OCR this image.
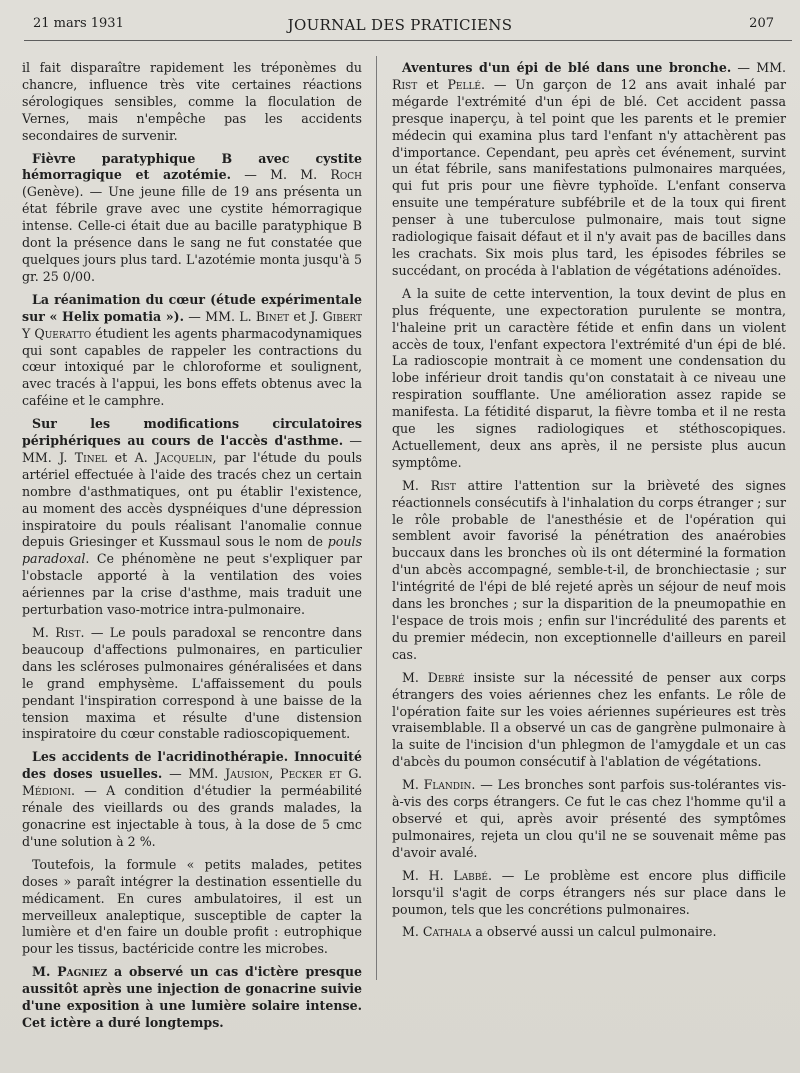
21 mars 1931	JOURNAL DES PRATICIENS	207

il fait disparaître rapidement les tréponèmes du chancre, influence très vite certaines réactions sérologiques sensibles, comme la floculation de Vernes, mais n'empêche pas les accidents secondaires de survenir.

Fièvre paratyphique B avec cystite hémorragique et azotémie. — M. M. Roch (Genève). — Une jeune fille de 19 ans présenta un état fébrile grave avec une cystite hémorragique intense. Celle-ci était due au bacille paratyphique B dont la présence dans le sang ne fut constatée que quelques jours plus tard. L'azotémie monta jusqu'à 5 gr. 25 0/00.

La réanimation du cœur (étude expérimentale sur « Helix pomatia »). — MM. L. Binet et J. Gibert Y Queratto étudient les agents pharmacodynamiques qui sont capables de rappeler les contractions du cœur intoxiqué par le chloroforme et soulignent, avec tracés à l'appui, les bons effets obtenus avec la caféine et le camphre.

Sur les modifications circulatoires périphériques au cours de l'accès d'asthme. — MM. J. Tinel et A. Jacquelin, par l'étude du pouls artériel effectuée à l'aide des tracés chez un certain nombre d'asthmatiques, ont pu établir l'existence, au moment des accès dyspnéiques d'une dépression inspiratoire du pouls réalisant l'anomalie connue depuis Griesinger et Kussmaul sous le nom de pouls paradoxal. Ce phénomène ne peut s'expliquer par l'obstacle apporté à la ventilation des voies aériennes par la crise d'asthme, mais traduit une perturbation vaso-motrice intra-pulmonaire.

M. Rist. — Le pouls paradoxal se rencontre dans beaucoup d'affections pulmonaires, en particulier dans les scléroses pulmonaires généralisées et dans le grand emphysème. L'affaissement du pouls pendant l'inspiration correspond à une baisse de la tension maxima et résulte d'une distension inspiratoire du cœur constable radioscopiquement.

Les accidents de l'acridinothérapie. Innocuité des doses usuelles. — MM. Jausion, Pecker et G. Médioni. — A condition d'étudier la perméabilité rénale des vieillards ou des grands malades, la gonacrine est injectable à tous, à la dose de 5 cmc d'une solution à 2 %.

Toutefois, la formule « petits malades, petites doses » paraît intégrer la destination essentielle du médicament. En cures ambulatoires, il est un merveilleux analeptique, susceptible de capter la lumière et d'en faire un double profit : eutrophique pour les tissus, bactéricide contre les microbes.

M. Pagniez a observé un cas d'ictère presque aussitôt après une injection de gonacrine suivie d'une exposition à une lumière solaire intense. Cet ictère a duré longtemps.

Aventures d'un épi de blé dans une bronche. — MM. Rist et Pellé. — Un garçon de 12 ans avait inhalé par mégarde l'extrémité d'un épi de blé. Cet accident passa presque inaperçu, à tel point que les parents et le premier médecin qui examina plus tard l'enfant n'y attachèrent pas d'importance. Cependant, peu après cet événement, survint un état fébrile, sans manifestations pulmonaires marquées, qui fut pris pour une fièvre typhoïde. L'enfant conserva ensuite une température subfébrile et de la toux qui firent penser à une tuberculose pulmonaire, mais tout signe radiologique faisait défaut et il n'y avait pas de bacilles dans les crachats. Six mois plus tard, les épisodes fébriles se succédant, on procéda à l'ablation de végétations adénoïdes.

A la suite de cette intervention, la toux devint de plus en plus fréquente, une expectoration purulente se montra, l'haleine prit un caractère fétide et enfin dans un violent accès de toux, l'enfant expectora l'extrémité d'un épi de blé. La radioscopie montrait à ce moment une condensation du lobe inférieur droit tandis qu'on constatait à ce niveau une respiration soufflante. Une amélioration assez rapide se manifesta. La fétidité disparut, la fièvre tomba et il ne resta que les signes radiologiques et stéthoscopiques. Actuellement, deux ans après, il ne persiste plus aucun symptôme.

M. Rist attire l'attention sur la brièveté des signes réactionnels consécutifs à l'inhalation du corps étranger ; sur le rôle probable de l'anesthésie et de l'opération qui semblent avoir favorisé la pénétration des anaérobies buccaux dans les bronches où ils ont déterminé la formation d'un abcès accompagné, semble-t-il, de bronchiectasie ; sur l'intégrité de l'épi de blé rejeté après un séjour de neuf mois dans les bronches ; sur la disparition de la pneumopathie en l'espace de trois mois ; enfin sur l'incrédulité des parents et du premier médecin, non exceptionnelle d'ailleurs en pareil cas.

M. Debré insiste sur la nécessité de penser aux corps étrangers des voies aériennes chez les enfants. Le rôle de l'opération faite sur les voies aériennes supérieures est très vraisemblable. Il a observé un cas de gangrène pulmonaire à la suite de l'incision d'un phlegmon de l'amygdale et un cas d'abcès du poumon consécutif à l'ablation de végétations.

M. Flandin. — Les bronches sont parfois sus-tolérantes vis-à-vis des corps étrangers. Ce fut le cas chez l'homme qu'il a observé et qui, après avoir présenté des symptômes pulmonaires, rejeta un clou qu'il ne se souvenait même pas d'avoir avalé.

M. H. Labbé. — Le problème est encore plus difficile lorsqu'il s'agit de corps étrangers nés sur place dans le poumon, tels que les concrétions pulmonaires.

M. Cathala a observé aussi un calcul pulmonaire.
